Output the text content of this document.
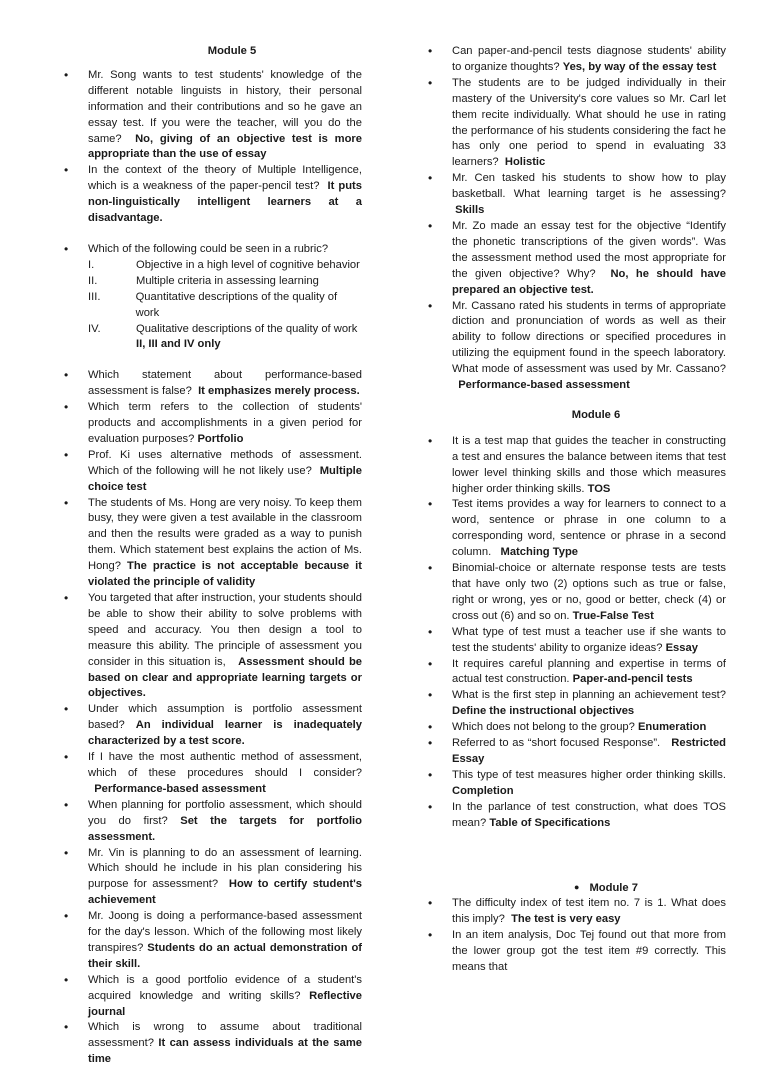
Module 5
• Mr. Song wants to test students' knowledge of the different notable linguists in history, their personal information and their contributions and so he gave an essay test. If you were the teacher, will you do the same? No, giving of an objective test is more appropriate than the use of essay
• In the context of the theory of Multiple Intelligence, which is a weakness of the paper-pencil test? It puts non-linguistically intelligent learners at a disadvantage.
• Which of the following could be seen in a rubric?
I.	Objective in a high level of cognitive behavior
II.	Multiple criteria in assessing learning
III.	Quantitative descriptions of the quality of work
IV.	Qualitative descriptions of the quality of work
II, III and IV only
• Which statement about performance-based assessment is false? It emphasizes merely process.
• Which term refers to the collection of students' products and accomplishments in a given period for evaluation purposes? Portfolio
• Prof. Ki uses alternative methods of assessment. Which of the following will he not likely use? Multiple choice test
• The students of Ms. Hong are very noisy. To keep them busy, they were given a test available in the classroom and then the results were graded as a way to punish them. Which statement best explains the action of Ms. Hong? The practice is not acceptable because it violated the principle of validity
• You targeted that after instruction, your students should be able to show their ability to solve problems with speed and accuracy. You then design a tool to measure this ability. The principle of assessment you consider in this situation is, Assessment should be based on clear and appropriate learning targets or objectives.
• Under which assumption is portfolio assessment based? An individual learner is inadequately characterized by a test score.
• If I have the most authentic method of assessment, which of these procedures should I consider?   Performance-based assessment
• When planning for portfolio assessment, which should you do first? Set the targets for portfolio assessment.
• Mr. Vin is planning to do an assessment of learning. Which should he include in his plan considering his purpose for assessment? How to certify student's achievement
• Mr. Joong is doing a performance-based assessment for the day's lesson. Which of the following most likely transpires? Students do an actual demonstration of their skill.
• Which is a good portfolio evidence of a student's acquired knowledge and writing skills? Reflective journal
• Which is wrong to assume about traditional assessment? It can assess individuals at the same time
• Can paper-and-pencil tests diagnose students' ability to organize thoughts? Yes, by way of the essay test
• The students are to be judged individually in their mastery of the University's core values so Mr. Carl let them recite individually. What should he use in rating the performance of his students considering the fact he has only one period to spend in evaluating 33 learners? Holistic
• Mr. Cen tasked his students to show how to play basketball. What learning target is he assessing?  Skills
• Mr. Zo made an essay test for the objective “Identify the phonetic transcriptions of the given words”. Was the assessment method used the most appropriate for the given objective? Why? No, he should have prepared an objective test.
• Mr. Cassano rated his students in terms of appropriate diction and pronunciation of words as well as their ability to follow directions or specified procedures in utilizing the equipment found in the speech laboratory. What mode of assessment was used by Mr. Cassano?   Performance-based assessment
Module 6
• It is a test map that guides the teacher in constructing a test and ensures the balance between items that test lower level thinking skills and those which measures higher order thinking skills. TOS
• Test items provides a way for learners to connect to a word, sentence or phrase in one column to a corresponding word, sentence or phrase in a second column. Matching Type
• Binomial-choice or alternate response tests are tests that have only two (2) options such as true or false, right or wrong, yes or no, good or better, check (4) or cross out (6) and so on. True-False Test
• What type of test must a teacher use if she wants to test the students' ability to organize ideas? Essay
• It requires careful planning and expertise in terms of actual test construction. Paper-and-pencil tests
• What is the first step in planning an achievement test? Define the instructional objectives
• Which does not belong to the group? Enumeration
• Referred to as “short focused Response”. Restricted Essay
• This type of test measures higher order thinking skills. Completion
• In the parlance of test construction, what does TOS mean? Table of Specifications
● Module 7
• The difficulty index of test item no. 7 is 1. What does this imply? The test is very easy
• In an item analysis, Doc Tej found out that more from the lower group got the test item #9 correctly. This means that
